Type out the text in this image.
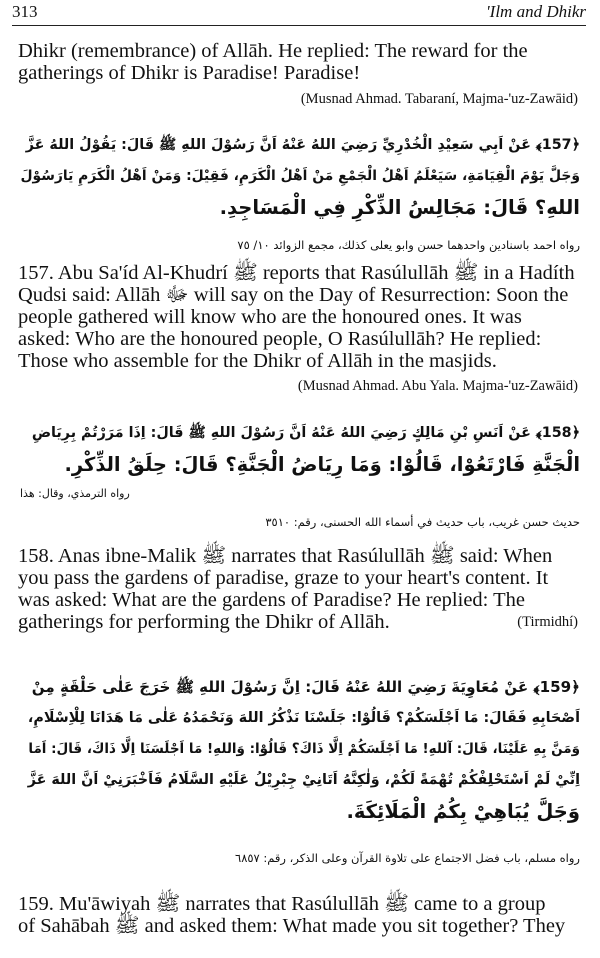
313	'Ilm and Dhikr
Dhikr (remembrance) of Allāh. He replied: The reward for the
gatherings of Dhikr is Paradise! Paradise!
(Musnad Ahmad. Tabaraní, Majma-'uz-Zawāid)
﴿157﴾ عَنْ اَبِي سَعِيْدِ الْخُدْرِيِّ رَضِيَ اللهُ عَنْهُ اَنَّ رَسُوْلَ اللهِ ﷺ قَالَ: يَقُوْلُ اللهُ عَزَّ
وَجَلَّ يَوْمَ الْقِيَامَةِ، سَيَعْلَمُ اَهْلُ الْجَمْعِ مَنْ اَهْلُ الْكَرَمِ، فَقِيْلَ: وَمَنْ اَهْلُ الْكَرَمِ يَارَسُوْلَ
اللهِ؟ قَالَ: مَجَالِسُ الذِّكْرِ فِي الْمَسَاجِدِ.
رواه احمد باسنادين واحدهما حسن وابو يعلى كذلك، مجمع الزوائد ١٠/ ٧٥
157. Abu Sa'íd Al-Khudrí ﷺ reports that Rasúlullāh ﷺ in a Hadíth
Qudsi said: Allāh ﷻ will say on the Day of Resurrection: Soon the
people gathered will know who are the honoured ones. It was
asked: Who are the honoured people, O Rasúlullāh? He replied:
Those who assemble for the Dhikr of Allāh in the masjids.
(Musnad Ahmad. Abu Yala. Majma-'uz-Zawāid)
﴿158﴾ عَنْ اَنَسِ بْنِ مَالِكٍ رَضِيَ اللهُ عَنْهُ اَنَّ رَسُوْلَ اللهِ ﷺ قَالَ: اِذَا مَرَرْتُمْ بِرِيَاضِ
الْجَنَّةِ فَارْتَعُوْا، قَالُوْا: وَمَا رِيَاضُ الْجَنَّةِ؟ قَالَ: حِلَقُ الذِّكْرِ.
رواه الترمذي، وقال: هذا
حديث حسن غريب، باب حديث في أسماء الله الحسنى، رقم: ٣٥١٠
158. Anas ibne-Malik ﷺ narrates that Rasúlullāh ﷺ said: When
you pass the gardens of paradise, graze to your heart's content. It
was asked: What are the gardens of Paradise? He replied: The
gatherings for performing the Dhikr of Allāh.	(Tirmidhí)
﴿159﴾ عَنْ مُعَاوِيَةَ رَضِيَ اللهُ عَنْهُ قَالَ: اِنَّ رَسُوْلَ اللهِ ﷺ خَرَجَ عَلٰى حَلْقَةٍ مِنْ
اَصْحَابِهِ فَقَالَ: مَا اَجْلَسَكُمْ؟ قَالُوْا: جَلَسْنَا نَذْكُرُ اللهَ وَنَحْمَدُهُ عَلٰى مَا هَدَانَا لِلْاِسْلَامِ،
وَمَنَّ بِهِ عَلَيْنَا، قَالَ: آللهِ! مَا اَجْلَسَكُمْ اِلَّا ذَاكَ؟ قَالُوْا: وَاللهِ! مَا اَجْلَسَنَا اِلَّا ذَاكَ، قَالَ: اَمَا
اِنِّيْ لَمْ اَسْتَحْلِفْكُمْ تُهْمَةً لَكُمْ، وَلٰكِنَّهُ اَتَانِيْ جِبْرِيْلُ عَلَيْهِ السَّلَامُ فَاَخْبَرَنِيْ اَنَّ اللهَ عَزَّ
وَجَلَّ يُبَاهِيْ بِكُمُ الْمَلَائِكَةَ.
رواه مسلم، باب فضل الاجتماع على تلاوة القرآن وعلى الذكر، رقم: ٦٨٥٧
159. Mu'āwiyah ﷺ narrates that Rasúlullāh ﷺ came to a group
of Sahābah ﷺ and asked them: What made you sit together? They
